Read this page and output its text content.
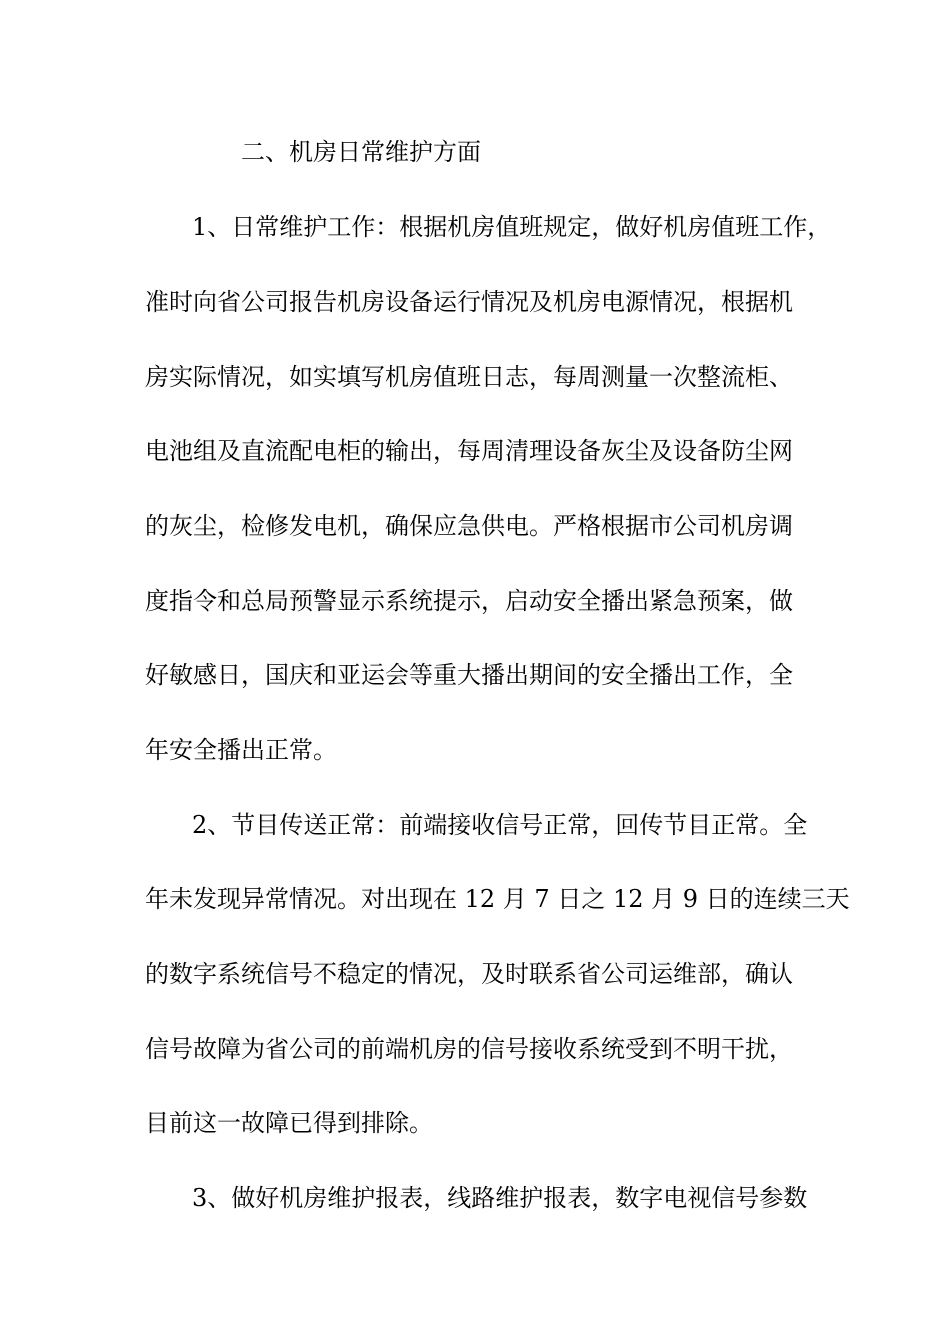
二、机房日常维护方面
1、日常维护工作：根据机房值班规定，做好机房值班工作，
准时向省公司报告机房设备运行情况及机房电源情况，根据机
房实际情况，如实填写机房值班日志，每周测量一次整流柜、
电池组及直流配电柜的输出，每周清理设备灰尘及设备防尘网
的灰尘，检修发电机，确保应急供电。严格根据市公司机房调
度指令和总局预警显示系统提示，启动安全播出紧急预案，做
好敏感日，国庆和亚运会等重大播出期间的安全播出工作，全
年安全播出正常。
2、节目传送正常：前端接收信号正常，回传节目正常。全
年未发现异常情况。对出现在 12 月 7 日之 12 月 9 日的连续三天
的数字系统信号不稳定的情况，及时联系省公司运维部，确认
信号故障为省公司的前端机房的信号接收系统受到不明干扰，
目前这一故障已得到排除。
3、做好机房维护报表，线路维护报表，数字电视信号参数
